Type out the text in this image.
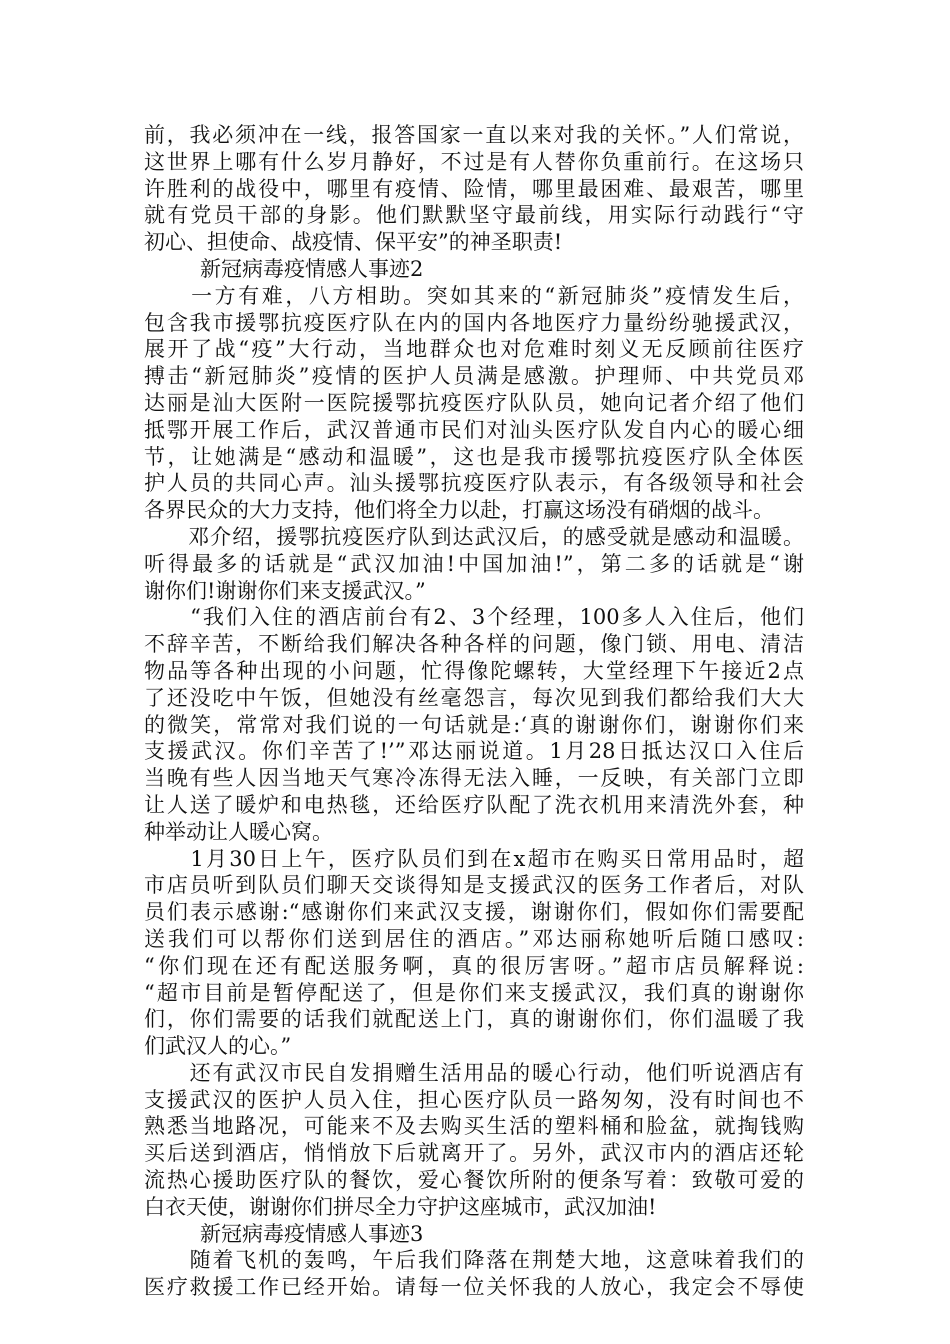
前，我必须冲在一线，报答国家一直以来对我的关怀。”人们常说，
这世界上哪有什么岁月静好，不过是有人替你负重前行。在这场只
许胜利的战役中，哪里有疫情、险情，哪里最困难、最艰苦，哪里
就有党员干部的身影。他们默默坚守最前线，用实际行动践行“守
初心、担使命、战疫情、保平安”的神圣职责!
新冠病毒疫情感人事迹2
　　一方有难，八方相助。突如其来的“新冠肺炎”疫情发生后，
包含我市援鄂抗疫医疗队在内的国内各地医疗力量纷纷驰援武汉，
展开了战“疫”大行动，当地群众也对危难时刻义无反顾前往医疗
搏击“新冠肺炎”疫情的医护人员满是感激。护理师、中共党员邓
达丽是汕大医附一医院援鄂抗疫医疗队队员，她向记者介绍了他们
抵鄂开展工作后，武汉普通市民们对汕头医疗队发自内心的暖心细
节，让她满是“感动和温暖”，这也是我市援鄂抗疫医疗队全体医
护人员的共同心声。汕头援鄂抗疫医疗队表示，有各级领导和社会
各界民众的大力支持，他们将全力以赴，打赢这场没有硝烟的战斗。
　　邓介绍，援鄂抗疫医疗队到达武汉后，的感受就是感动和温暖。
听得最多的话就是“武汉加油!中国加油!”，第二多的话就是“谢
谢你们!谢谢你们来支援武汉。”
　　“我们入住的酒店前台有2、3个经理，100多人入住后，他们
不辞辛苦，不断给我们解决各种各样的问题，像门锁、用电、清洁
物品等各种出现的小问题，忙得像陀螺转，大堂经理下午接近2点
了还没吃中午饭，但她没有丝毫怨言，每次见到我们都给我们大大
的微笑，常常对我们说的一句话就是:‘真的谢谢你们，谢谢你们来
支援武汉。你们辛苦了!’”邓达丽说道。1月28日抵达汉口入住后
当晚有些人因当地天气寒冷冻得无法入睡，一反映，有关部门立即
让人送了暖炉和电热毯，还给医疗队配了洗衣机用来清洗外套，种
种举动让人暖心窝。
　　1月30日上午，医疗队员们到在x超市在购买日常用品时，超
市店员听到队员们聊天交谈得知是支援武汉的医务工作者后，对队
员们表示感谢:“感谢你们来武汉支援，谢谢你们，假如你们需要配
送我们可以帮你们送到居住的酒店。”邓达丽称她听后随口感叹:
“你们现在还有配送服务啊，真的很厉害呀。”超市店员解释说:
“超市目前是暂停配送了，但是你们来支援武汉，我们真的谢谢你
们，你们需要的话我们就配送上门，真的谢谢你们，你们温暖了我
们武汉人的心。”
　　还有武汉市民自发捐赠生活用品的暖心行动，他们听说酒店有
支援武汉的医护人员入住，担心医疗队员一路匆匆，没有时间也不
熟悉当地路况，可能来不及去购买生活的塑料桶和脸盆，就掏钱购
买后送到酒店，悄悄放下后就离开了。另外，武汉市内的酒店还轮
流热心援助医疗队的餐饮，爱心餐饮所附的便条写着：致敬可爱的
白衣天使，谢谢你们拼尽全力守护这座城市，武汉加油!
新冠病毒疫情感人事迹3
　　随着飞机的轰鸣，午后我们降落在荆楚大地，这意味着我们的
医疗救援工作已经开始。请每一位关怀我的人放心，我定会不辱使
